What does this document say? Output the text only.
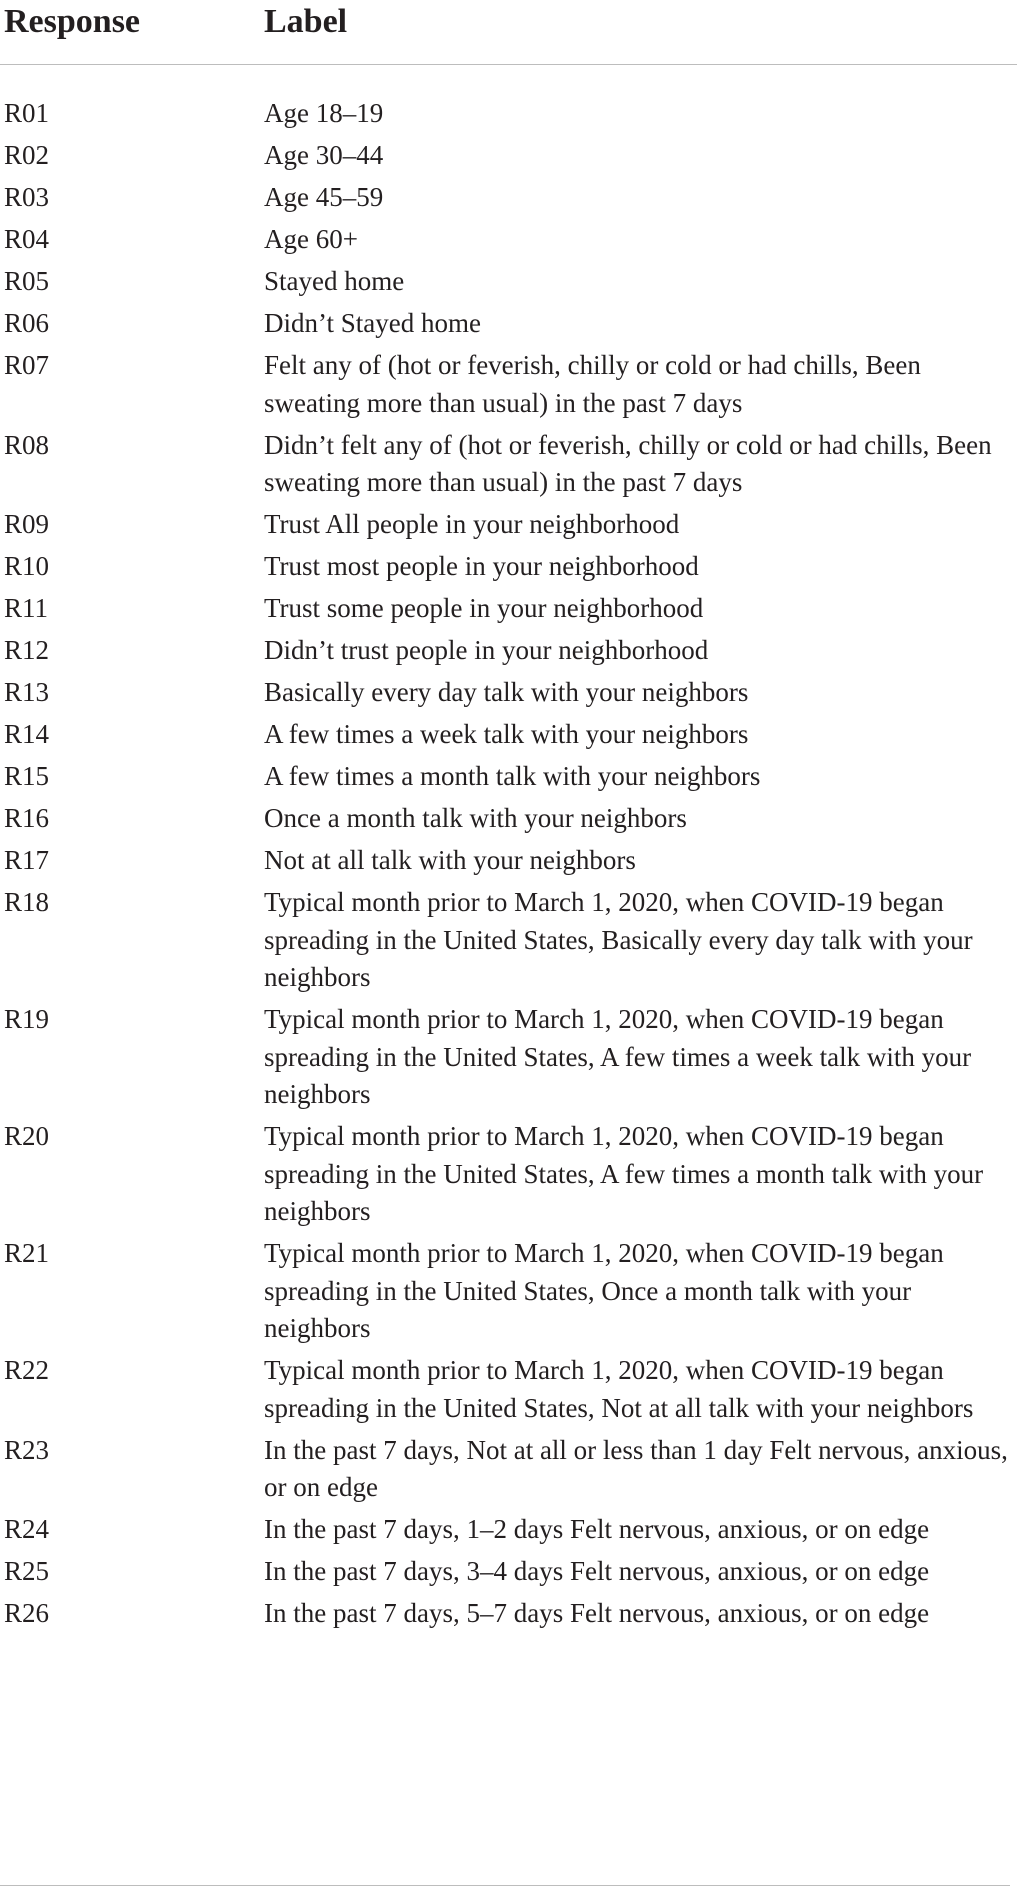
Response	Label
R01	Age 18–19
R02	Age 30–44
R03	Age 45–59
R04	Age 60+
R05	Stayed home
R06	Didn’t Stayed home
R07	Felt any of (hot or feverish, chilly or cold or had chills, Been sweating more than usual) in the past 7 days
R08	Didn’t felt any of (hot or feverish, chilly or cold or had chills, Been sweating more than usual) in the past 7 days
R09	Trust All people in your neighborhood
R10	Trust most people in your neighborhood
R11	Trust some people in your neighborhood
R12	Didn’t trust people in your neighborhood
R13	Basically every day talk with your neighbors
R14	A few times a week talk with your neighbors
R15	A few times a month talk with your neighbors
R16	Once a month talk with your neighbors
R17	Not at all talk with your neighbors
R18	Typical month prior to March 1, 2020, when COVID-19 began spreading in the United States, Basically every day talk with your neighbors
R19	Typical month prior to March 1, 2020, when COVID-19 began spreading in the United States, A few times a week talk with your neighbors
R20	Typical month prior to March 1, 2020, when COVID-19 began spreading in the United States, A few times a month talk with your neighbors
R21	Typical month prior to March 1, 2020, when COVID-19 began spreading in the United States, Once a month talk with your neighbors
R22	Typical month prior to March 1, 2020, when COVID-19 began spreading in the United States, Not at all talk with your neighbors
R23	In the past 7 days, Not at all or less than 1 day Felt nervous, anxious, or on edge
R24	In the past 7 days, 1–2 days Felt nervous, anxious, or on edge
R25	In the past 7 days, 3–4 days Felt nervous, anxious, or on edge
R26	In the past 7 days, 5–7 days Felt nervous, anxious, or on edge
